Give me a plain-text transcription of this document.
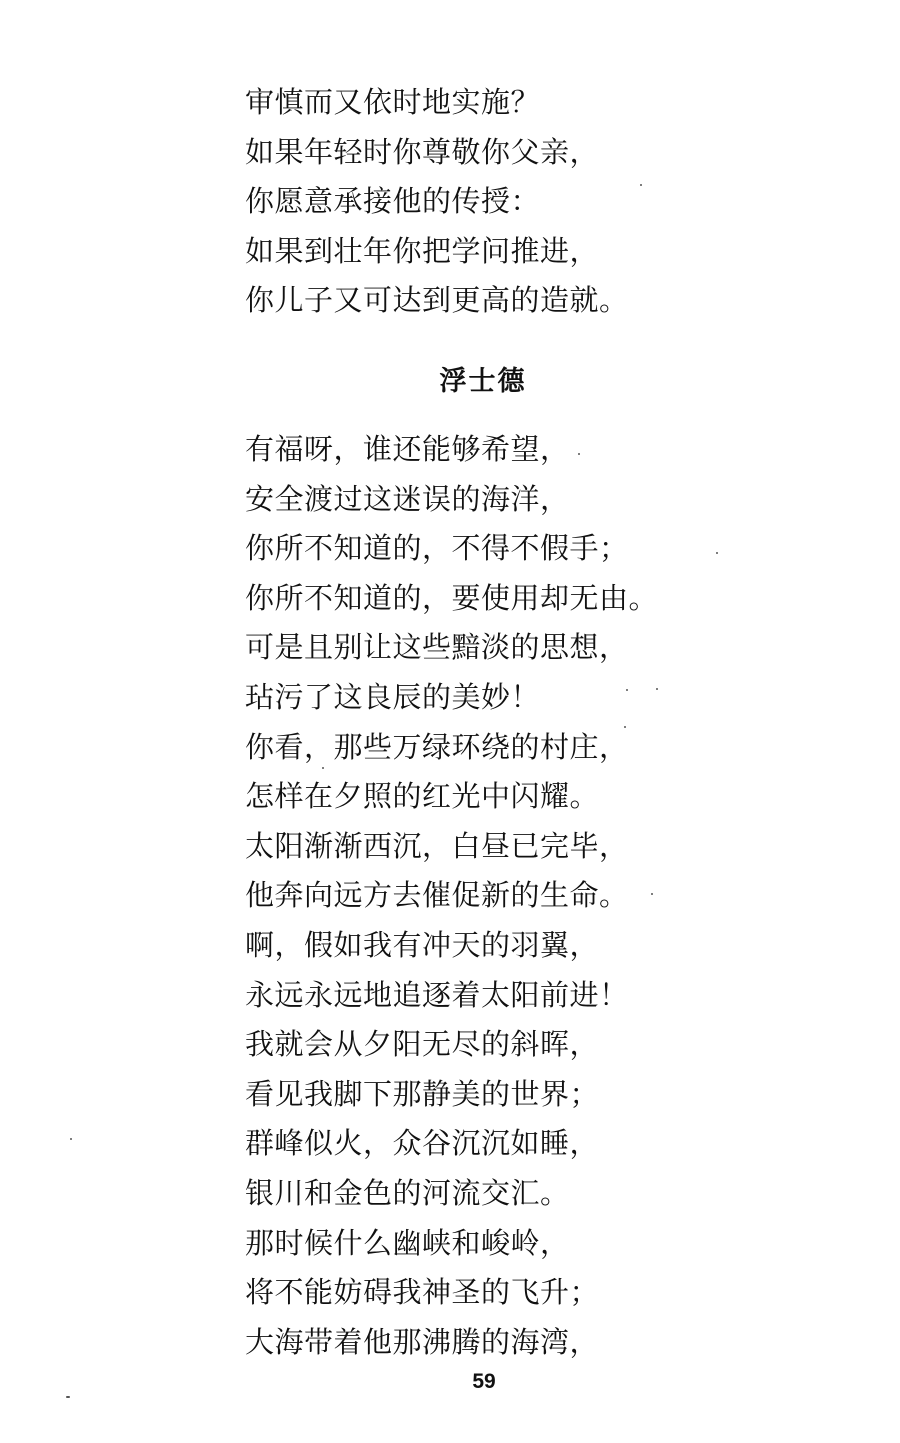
审慎而又依时地实施？
如果年轻时你尊敬你父亲，
你愿意承接他的传授：
如果到壮年你把学问推进，
你儿子又可达到更高的造就。
浮士德
有福呀，谁还能够希望，
安全渡过这迷误的海洋，
你所不知道的，不得不假手；
你所不知道的，要使用却无由。
可是且别让这些黯淡的思想，
玷污了这良辰的美妙！
你看，那些万绿环绕的村庄，
怎样在夕照的红光中闪耀。
太阳渐渐西沉，白昼已完毕，
他奔向远方去催促新的生命。
啊，假如我有冲天的羽翼，
永远永远地追逐着太阳前进！
我就会从夕阳无尽的斜晖，
看见我脚下那静美的世界；
群峰似火，众谷沉沉如睡，
银川和金色的河流交汇。
那时候什么幽峡和峻岭，
将不能妨碍我神圣的飞升；
大海带着他那沸腾的海湾，
59
